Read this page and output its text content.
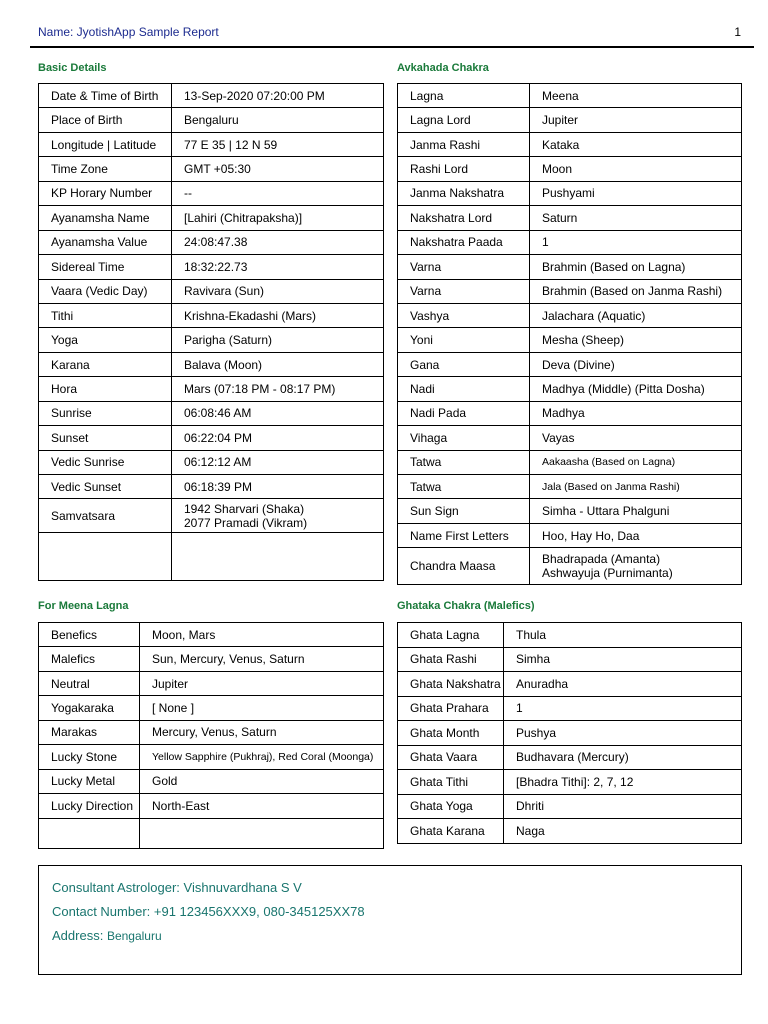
Name: JyotishApp Sample Report	1
Basic Details	Avkahada Chakra
For Meena Lagna	Ghataka Chakra (Malefics)
Date & Time of Birth	13-Sep-2020 07:20:00 PM

Place of Birth	Bengaluru

Longitude | Latitude	77 E 35 | 12 N 59

Time Zone	GMT +05:30

KP Horary Number	--

Ayanamsha Name	[Lahiri (Chitrapaksha)]

Ayanamsha Value	24:08:47.38

Sidereal Time	18:32:22.73

Vaara (Vedic Day)	Ravivara (Sun)

Tithi	Krishna-Ekadashi (Mars)

Yoga	Parigha (Saturn)

Karana	Balava (Moon)

Hora	Mars (07:18 PM - 08:17 PM)

Sunrise	06:08:46 AM

Sunset	06:22:04 PM

Vedic Sunrise	06:12:12 AM

Vedic Sunset	06:18:39 PM

Samvatsara	1942 Sharvari (Shaka)
2077 Pramadi (Vikram)

Lagna	Meena

Lagna Lord	Jupiter

Janma Rashi	Kataka

Rashi Lord	Moon

Janma Nakshatra	Pushyami

Nakshatra Lord	Saturn

Nakshatra Paada	1

Varna	Brahmin (Based on Lagna)

Varna	Brahmin (Based on Janma Rashi)

Vashya	Jalachara (Aquatic)

Yoni	Mesha (Sheep)

Gana	Deva (Divine)

Nadi	Madhya (Middle) (Pitta Dosha)

Nadi Pada	Madhya

Vihaga	Vayas

Tatwa	Aakaasha (Based on Lagna)

Tatwa	Jala (Based on Janma Rashi)

Sun Sign	Simha - Uttara Phalguni

Name First Letters	Hoo, Hay Ho, Daa

Chandra Maasa	Bhadrapada (Amanta)
Ashwayuja (Purnimanta)
Benefics	Moon, Mars

Malefics	Sun, Mercury, Venus, Saturn

Neutral	Jupiter

Yogakaraka	[ None ]

Marakas	Mercury, Venus, Saturn

Lucky Stone	Yellow Sapphire (Pukhraj), Red Coral (Moonga)

Lucky Metal	Gold

Lucky Direction	North-East

Ghata Lagna	Thula

Ghata Rashi	Simha

Ghata Nakshatra	Anuradha

Ghata Prahara	1

Ghata Month	Pushya

Ghata Vaara	Budhavara (Mercury)

Ghata Tithi	[Bhadra Tithi]: 2, 7, 12

Ghata Yoga	Dhriti

Ghata Karana	Naga
Consultant Astrologer: Vishnuvardhana S V
Contact Number: +91 123456XXX9, 080-345125XX78
Address: Bengaluru
